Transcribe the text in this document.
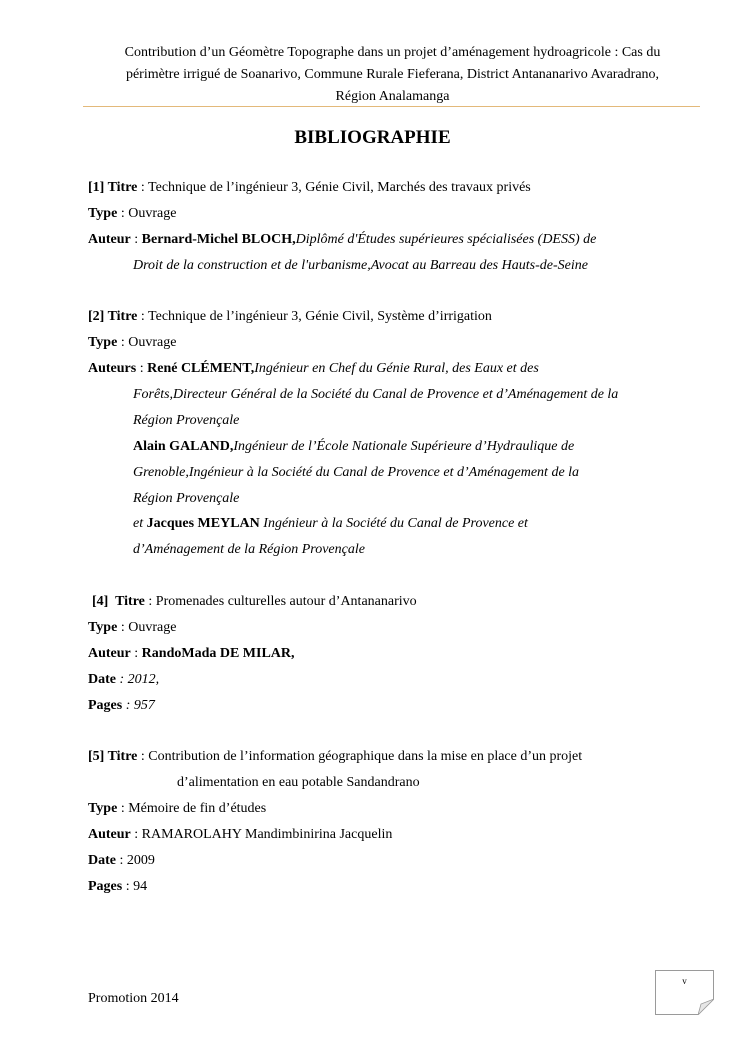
Contribution d’un Géomètre Topographe dans un projet d’aménagement hydroagricole : Cas du
périmètre irrigué de Soanarivo, Commune Rurale Fieferana, District Antananarivo Avaradrano,
Région Analamanga
BIBLIOGRAPHIE
[1] Titre : Technique de l’ingénieur 3, Génie Civil, Marchés des travaux privés
Type : Ouvrage
Auteur : Bernard-Michel BLOCH,Diplômé d'Études supérieures spécialisées (DESS) de
Droit de la construction et de l'urbanisme,Avocat au Barreau des Hauts-de-Seine
[2] Titre : Technique de l’ingénieur 3, Génie Civil, Système d’irrigation
Type : Ouvrage
Auteurs : René CLÉMENT,Ingénieur en Chef du Génie Rural, des Eaux et des
Forêts,Directeur Général de la Société du Canal de Provence et d’Aménagement de la
Région Provençale
Alain GALAND,Ingénieur de l’École Nationale Supérieure d’Hydraulique de
Grenoble,Ingénieur à la Société du Canal de Provence et d’Aménagement de la
Région Provençale
et Jacques MEYLAN Ingénieur à la Société du Canal de Provence et
d’Aménagement de la Région Provençale
[4] Titre : Promenades culturelles autour d’Antananarivo
Type : Ouvrage
Auteur : RandoMada DE MILAR,
Date : 2012,
Pages : 957
[5] Titre : Contribution de l’information géographique dans la mise en place d’un projet
d’alimentation en eau potable Sandandrano
Type : Mémoire de fin d’études
Auteur : RAMAROLAHY Mandimbinirina Jacquelin
Date : 2009
Pages : 94
Promotion 2014
v
